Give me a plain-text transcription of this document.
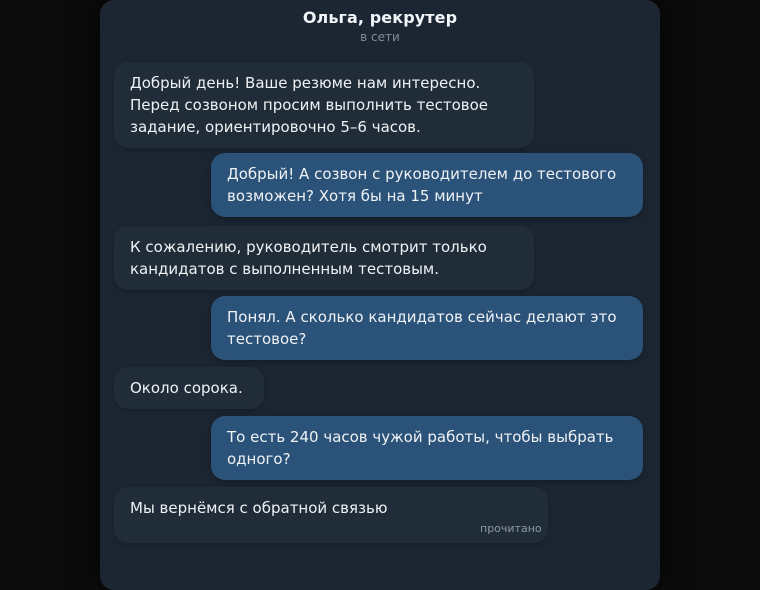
Ольга, рекрутер
в сети
Добрый день! Ваше резюме нам интересно. Перед созвоном просим выполнить тестовое задание, ориентировочно 5–6 часов.
Добрый! А созвон с руководителем до тестового возможен? Хотя бы на 15 минут
К сожалению, руководитель смотрит только кандидатов с выполненным тестовым.
Понял. А сколько кандидатов сейчас делают это тестовое?
Около сорока.
То есть 240 часов чужой работы, чтобы выбрать одного?
Мы вернёмся с обратной связью
прочитано
